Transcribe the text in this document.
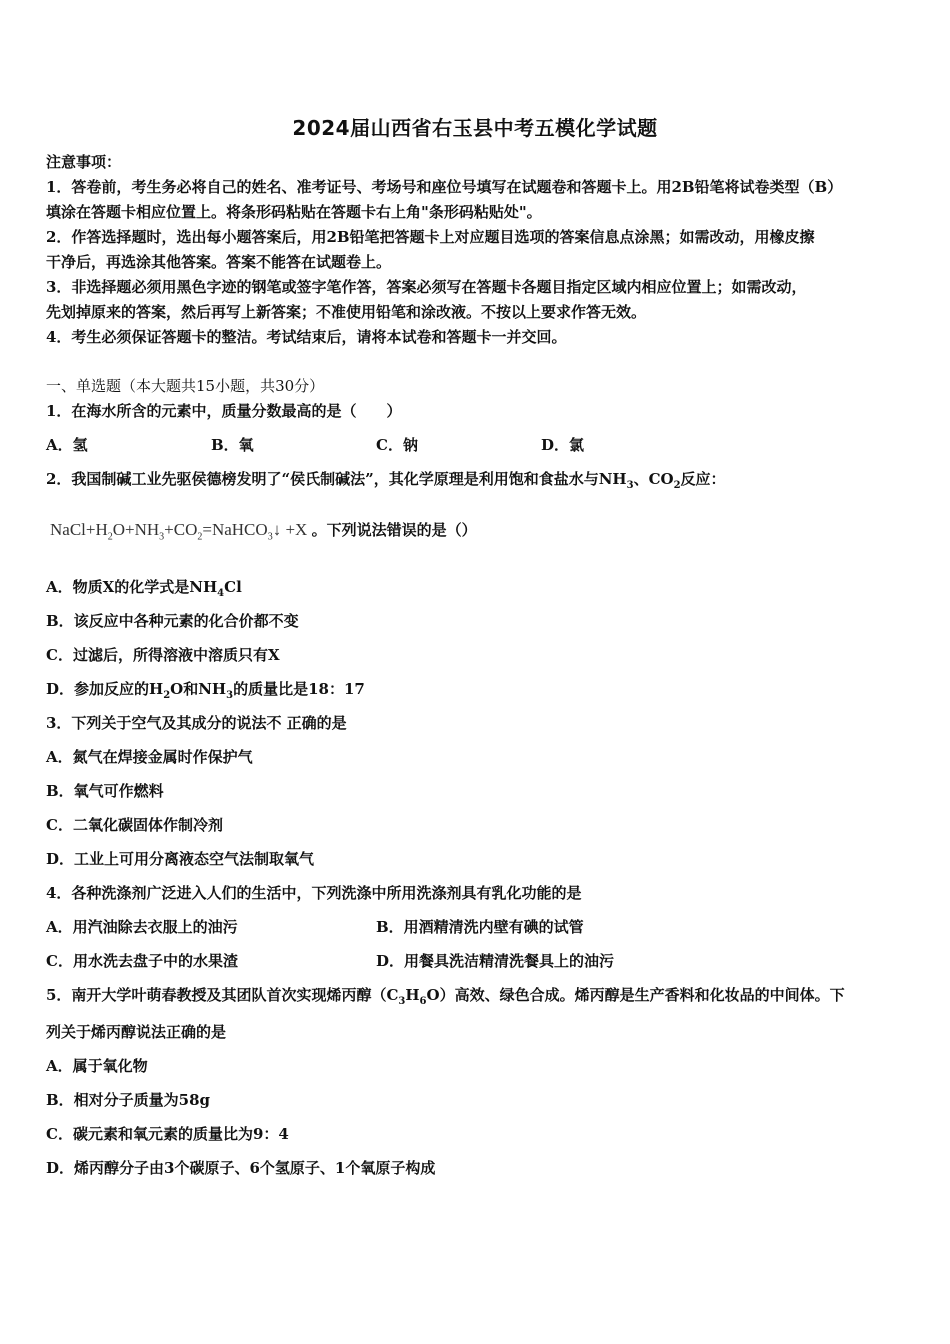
2024届山西省右玉县中考五模化学试题
注意事项：
1．答卷前，考生务必将自己的姓名、准考证号、考场号和座位号填写在试题卷和答题卡上。用2B铅笔将试卷类型（B）
填涂在答题卡相应位置上。将条形码粘贴在答题卡右上角"条形码粘贴处"。
2．作答选择题时，选出每小题答案后，用2B铅笔把答题卡上对应题目选项的答案信息点涂黑；如需改动，用橡皮擦
干净后，再选涂其他答案。答案不能答在试题卷上。
3．非选择题必须用黑色字迹的钢笔或签字笔作答，答案必须写在答题卡各题目指定区域内相应位置上；如需改动，
先划掉原来的答案，然后再写上新答案；不准使用铅笔和涂改液。不按以上要求作答无效。
4．考生必须保证答题卡的整洁。考试结束后，请将本试卷和答题卡一并交回。
一、单选题（本大题共15小题，共30分）
1．在海水所含的元素中，质量分数最高的是（　　）
A．氢	B．氧	C．钠	D．氯
2．我国制碱工业先驱侯德榜发明了“侯氏制碱法”，其化学原理是利用饱和食盐水与$NH_3$、$CO_2$反应：
$NaCl+H_2O+NH_3+CO_2=NaHCO_3↓ +X$ 。下列说法错误的是（）
A．物质X的化学式是$NH_4Cl$
B．该反应中各种元素的化合价都不变
C．过滤后，所得溶液中溶质只有X
D．参加反应的$H_2O$和$NH_3$的质量比是18：17
3．下列关于空气及其成分的说法不 正确的是
A．氮气在焊接金属时作保护气
B．氧气可作燃料
C．二氧化碳固体作制冷剂
D．工业上可用分离液态空气法制取氧气
4．各种洗涤剂广泛进入人们的生活中，下列洗涤中所用洗涤剂具有乳化功能的是
A．用汽油除去衣服上的油污	B．用酒精清洗内壁有碘的试管
C．用水洗去盘子中的水果渣	D．用餐具洗洁精清洗餐具上的油污
5．南开大学叶萌春教授及其团队首次实现烯丙醇$(C_3H_6O)$高效、绿色合成。烯丙醇是生产香料和化妆品的中间体。下
列关于烯丙醇说法正确的是
A．属于氧化物
B．相对分子质量为58g
C．碳元素和氧元素的质量比为9：4
D．烯丙醇分子由3个碳原子、6个氢原子、1个氧原子构成
